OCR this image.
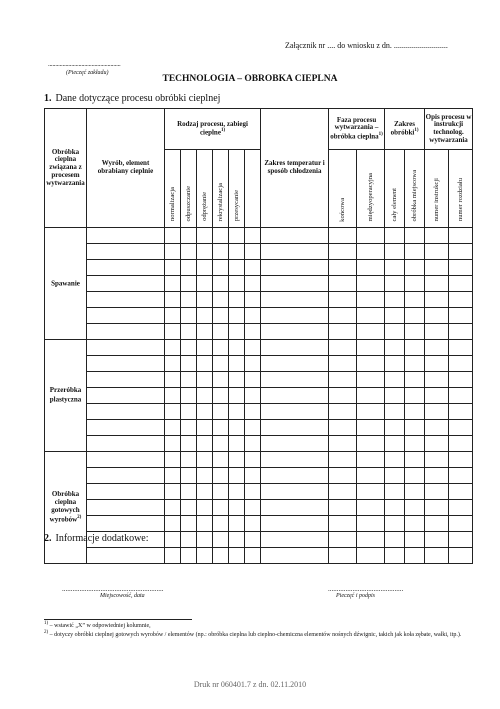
Załącznik nr .... do wniosku z dn. ...........................
..................................................
(Pieczęć zakładu)
TECHNOLOGIA – OBROBKA CIEPLNA
1. Dane dotyczące procesu obróbki cieplnej
Obróbka cieplna związana z procesem wytwarzania	Wyrób, element obrabiany cieplnie	Rodzaj procesu, zabiegi cieplne$^{1)}$						Zakres temperatur i sposób chłodzenia	Faza procesu wytwarzania – obróbka cieplna$^{1)}$		Zakres obróbki$^{1)}$		Opis procesu w instrukcji technolog. wytwarzania	
		normalizacja	odpuszczanie	odprężanie	rekrystalizacja	przesycanie			końcowa	międzyoperacyjna	cały element	obróbka miejscowa	numer instrukcji	numer rozdziału
Spawanie														

Przeróbka plastyczna														

Obróbka cieplna gotowych wyrobów$^{2)}$														

2. Informacje dodatkowe:
..........................................................
Miejscowość, data
...........................................
Pieczęć i podpis
$^{1)}$ – wstawić „X” w odpowiedniej kolumnie,
$^{2)}$ – dotyczy obróbki cieplnej gotowych wyrobów / elementów (np.: obróbka cieplna lub cieplno-chemiczna elementów nośnych dźwignic, takich jak koła zębate, wałki, itp.).
Druk nr 060401.7 z dn. 02.11.2010
